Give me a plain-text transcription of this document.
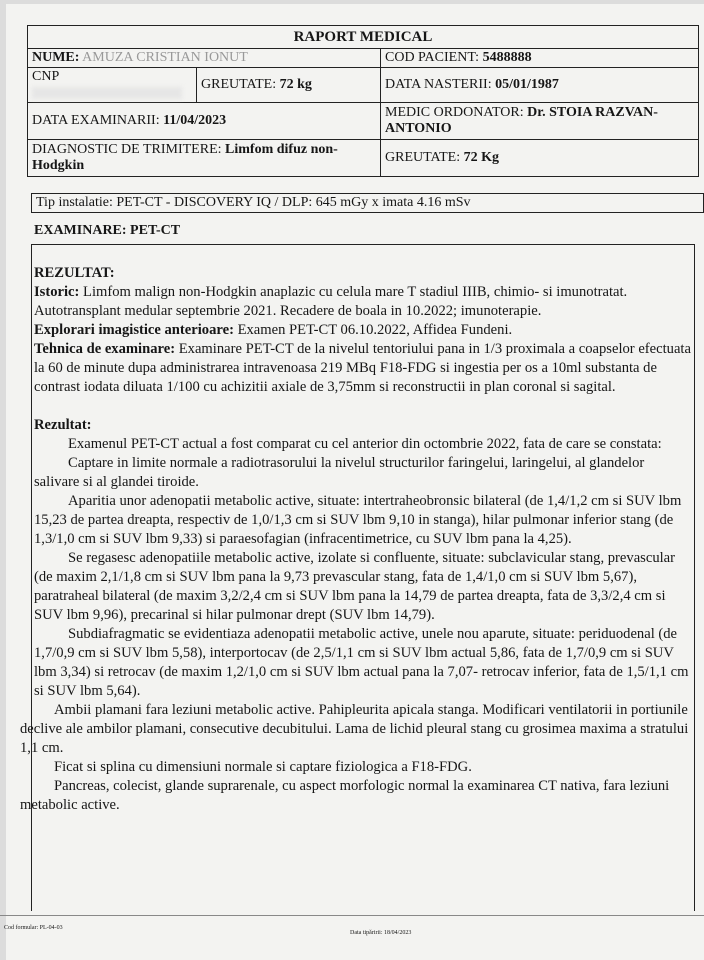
RAPORT MEDICAL		
NUME: AMUZA CRISTIAN IONUT		COD PACIENT: 5488888
CNP	GREUTATE: 72 kg	DATA NASTERII: 05/01/1987
DATA EXAMINARII: 11/04/2023		MEDIC ORDONATOR: Dr. STOIA RAZVAN-ANTONIO
DIAGNOSTIC DE TRIMITERE: Limfom difuz non-Hodgkin		GREUTATE: 72 Kg
Tip instalatie: PET-CT - DISCOVERY IQ / DLP: 645 mGy x imata 4.16 mSv
EXAMINARE: PET-CT

REZULTAT:

Istoric: Limfom malign non-Hodgkin anaplazic cu celula mare T stadiul IIIB, chimio- si imunotratat.

Autotransplant medular septembrie 2021. Recadere de boala in 10.2022; imunoterapie.

Explorari imagistice anterioare: Examen PET-CT 06.10.2022, Affidea Fundeni.

Tehnica de examinare: Examinare PET-CT de la nivelul tentoriului pana in 1/3 proximala a coapselor efectuata la 60 de minute dupa administrarea intravenoasa 219 MBq F18-FDG si ingestia per os a 10ml substanta de contrast iodata diluata 1/100 cu achizitii axiale de 3,75mm si reconstructii in plan coronal si sagital.

Rezultat:

Examenul PET-CT actual a fost comparat cu cel anterior din octombrie 2022, fata de care se constata:

Captare in limite normale a radiotrasorului la nivelul structurilor faringelui, laringelui, al glandelor salivare si al glandei tiroide.

Aparitia unor adenopatii metabolic active, situate: intertraheobronsic bilateral (de 1,4/1,2 cm si SUV lbm 15,23 de partea dreapta, respectiv de 1,0/1,3 cm si SUV lbm 9,10 in stanga), hilar pulmonar inferior stang (de 1,3/1,0 cm si SUV lbm 9,33) si paraesofagian (infracentimetrice, cu SUV lbm pana la 4,25).

Se regasesc adenopatiile metabolic active, izolate si confluente, situate: subclavicular stang, prevascular (de maxim 2,1/1,8 cm si SUV lbm pana la 9,73 prevascular stang, fata de 1,4/1,0 cm si SUV lbm 5,67), paratraheal bilateral (de maxim 3,2/2,4 cm si SUV lbm pana la 14,79 de partea dreapta, fata de 3,3/2,4 cm si SUV lbm 9,96), precarinal si hilar pulmonar drept (SUV lbm 14,79).

Subdiafragmatic se evidentiaza adenopatii metabolic active, unele nou aparute, situate: periduodenal (de 1,7/0,9 cm si SUV lbm 5,58), interportocav (de 2,5/1,1 cm si SUV lbm actual 5,86, fata de 1,7/0,9 cm si SUV lbm 3,34) si retrocav (de maxim 1,2/1,0 cm si SUV lbm actual pana la 7,07- retrocav inferior, fata de 1,5/1,1 cm si SUV lbm 5,64).

Ambii plamani fara leziuni metabolic active. Pahipleurita apicala stanga. Modificari ventilatorii in portiunile declive ale ambilor plamani, consecutive decubitului. Lama de lichid pleural stang cu grosimea maxima a stratului 1,1 cm.

Ficat si splina cu dimensiuni normale si captare fiziologica a F18-FDG.

Pancreas, colecist, glande suprarenale, cu aspect morfologic normal la examinarea CT nativa, fara leziuni metabolic active.

Cod formular: PL-04-03
Data tipăririi: 18/04/2023
